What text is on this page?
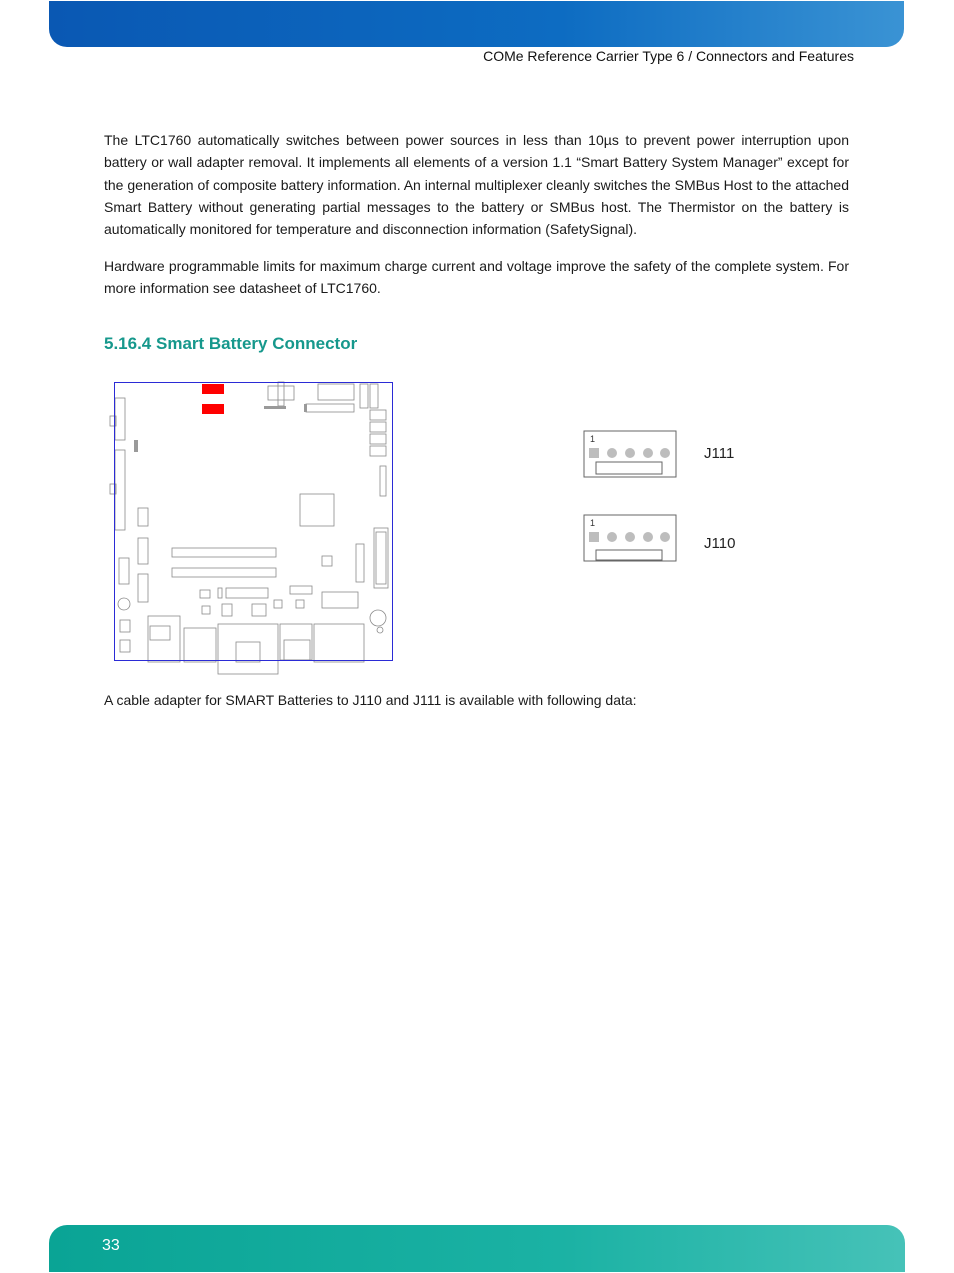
COMe Reference Carrier Type 6 / Connectors and Features

The LTC1760 automatically switches between power sources in less than 10µs to prevent power interruption upon battery or wall adapter removal. It implements all elements of a version 1.1 “Smart Battery System Manager” except for the generation of composite battery information. An internal multiplexer cleanly switches the SMBus Host to the attached Smart Battery without generating partial messages to the battery or SMBus host. The Thermistor on the battery is automatically monitored for temperature and disconnection information (SafetySignal).

Hardware programmable limits for maximum charge current and voltage improve the safety of the complete system. For more information see datasheet of LTC1760.

5.16.4 Smart Battery Connector
1
J111
1
J110

A cable adapter for SMART Batteries to J110 and J111 is available with following data:

33
